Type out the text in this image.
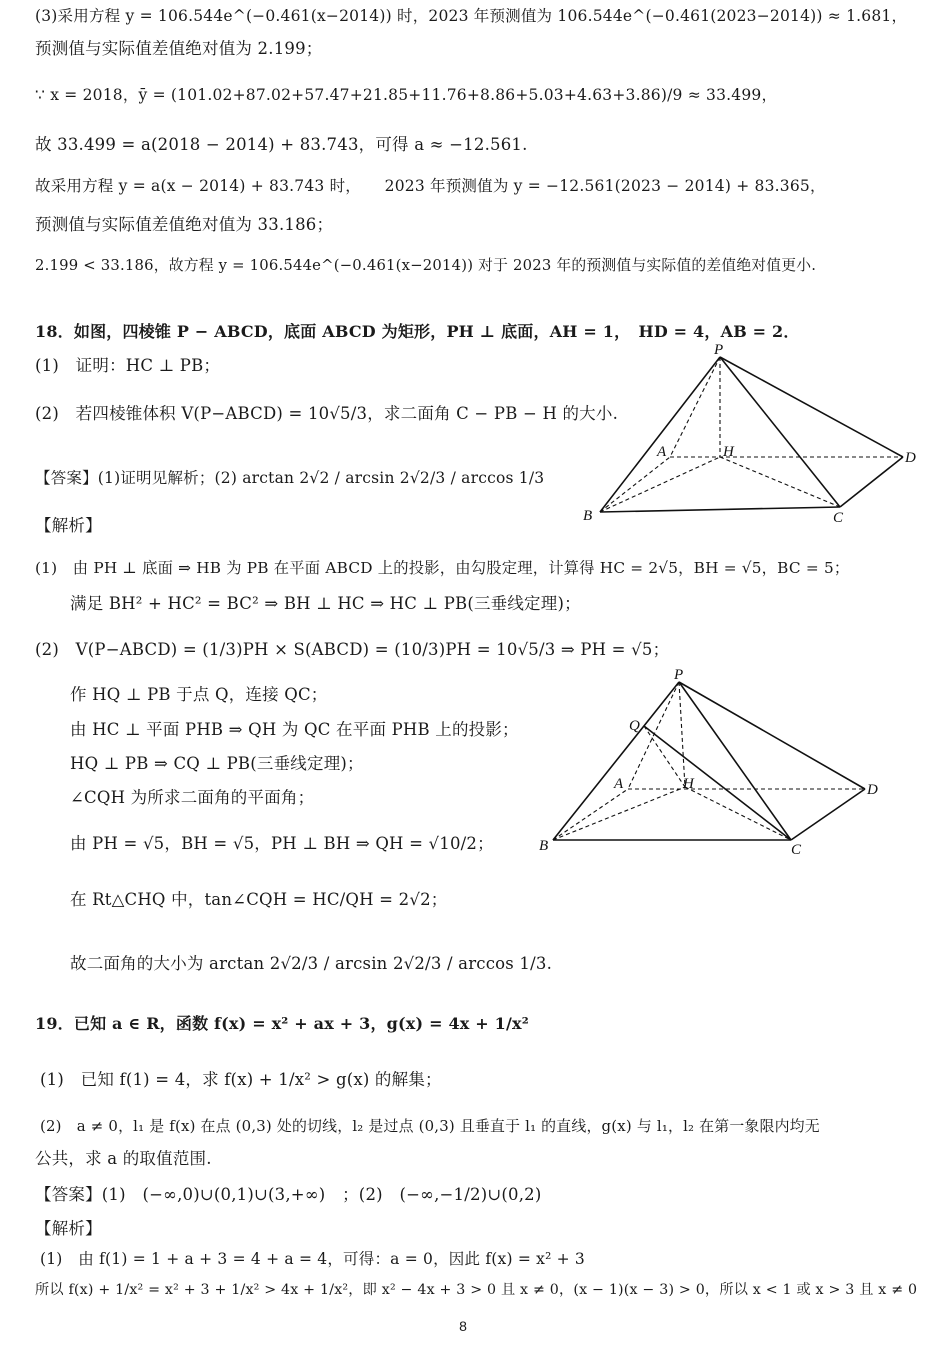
(3)采用方程 y = 106.544e^(−0.461(x−2014)) 时，2023 年预测值为 106.544e^(−0.461(2023−2014)) ≈ 1.681，
预测值与实际值差值绝对值为 2.199；
∵ x = 2018，ȳ = (101.02+87.02+57.47+21.85+11.76+8.86+5.03+4.63+3.86)/9 ≈ 33.499，
故 33.499 = a(2018 − 2014) + 83.743，可得 a ≈ −12.561.
故采用方程 y = a(x − 2014) + 83.743 时，　　2023 年预测值为 y = −12.561(2023 − 2014) + 83.365，
预测值与实际值差值绝对值为 33.186；
2.199 < 33.186，故方程 y = 106.544e^(−0.461(x−2014)) 对于 2023 年的预测值与实际值的差值绝对值更小.
18．如图，四棱锥 P − ABCD，底面 ABCD 为矩形，PH ⊥ 底面，AH = 1，　HD = 4，AB = 2．
(1)　证明：HC ⊥ PB；
(2)　若四棱锥体积 V(P−ABCD) = 10√5/3，求二面角 C − PB − H 的大小.
【答案】(1)证明见解析；(2) arctan 2√2 / arcsin 2√2/3 / arccos 1/3
【解析】
(1)　由 PH ⊥ 底面 ⇒ HB 为 PB 在平面 ABCD 上的投影，由勾股定理，计算得 HC = 2√5，BH = √5，BC = 5；
满足 BH² + HC² = BC² ⇒ BH ⊥ HC ⇒ HC ⊥ PB(三垂线定理)；
(2)　V(P−ABCD) = (1/3)PH × S(ABCD) = (10/3)PH = 10√5/3 ⇒ PH = √5；
作 HQ ⊥ PB 于点 Q，连接 QC；
由 HC ⊥ 平面 PHB ⇒ QH 为 QC 在平面 PHB 上的投影；
HQ ⊥ PB ⇒ CQ ⊥ PB(三垂线定理)；
∠CQH 为所求二面角的平面角；
由 PH = √5，BH = √5，PH ⊥ BH ⇒ QH = √10/2；
在 Rt△CHQ 中，tan∠CQH = HC/QH = 2√2；
故二面角的大小为 arctan 2√2/3 / arcsin 2√2/3 / arccos 1/3.
19．已知 a ∈ R，函数 f(x) = x² + ax + 3，g(x) = 4x + 1/x²
(1)　已知 f(1) = 4，求 f(x) + 1/x² > g(x) 的解集；
(2)　a ≠ 0，l₁ 是 f(x) 在点 (0,3) 处的切线，l₂ 是过点 (0,3) 且垂直于 l₁ 的直线，g(x) 与 l₁，l₂ 在第一象限内均无
公共，求 a 的取值范围.
【答案】(1)　(−∞,0)∪(0,1)∪(3,+∞)　；(2)　(−∞,−1/2)∪(0,2)
【解析】
(1)　由 f(1) = 1 + a + 3 = 4 + a = 4，可得：a = 0，因此 f(x) = x² + 3
所以 f(x) + 1/x² = x² + 3 + 1/x² > 4x + 1/x²，即 x² − 4x + 3 > 0 且 x ≠ 0，(x − 1)(x − 3) > 0，所以 x < 1 或 x > 3 且 x ≠ 0
P
A	H	D
B	C
P
Q
A	H	D
B	C
8
